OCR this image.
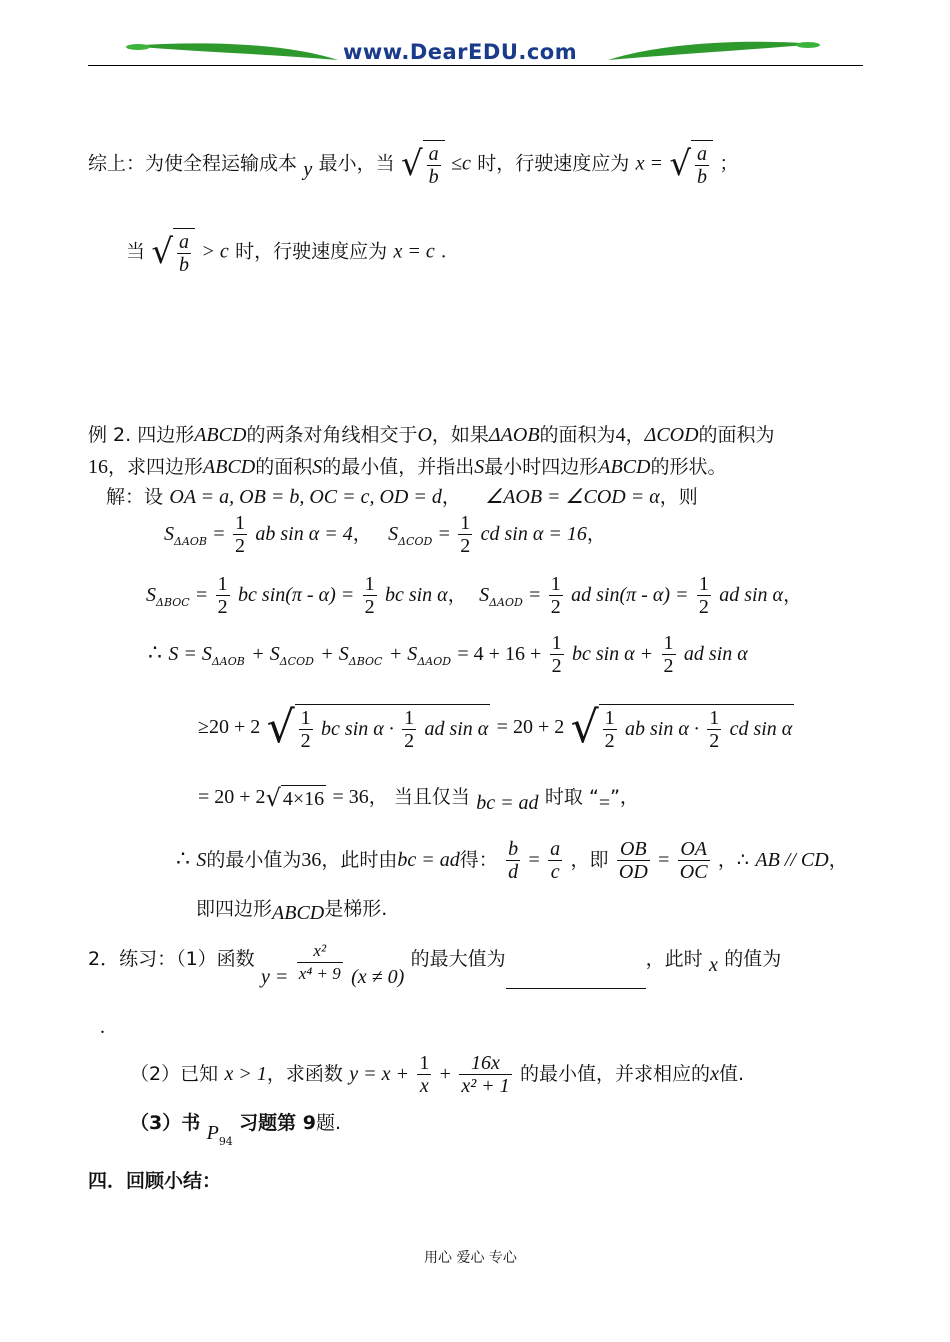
www.DearEDU.com
综上：为使全程运输成本 y 最小，当 √ $\frac{a}{b} \le c$ 时，行驶速度应为 x = √ $\frac{a}{b}$ ；
当 √ $\frac{a}{b} > c$ 时，行驶速度应为 x = c .
例 2. 四边形ABCD的两条对角线相交于O，如果ΔAOB的面积为4，ΔCOD的面积为
16，求四边形ABCD的面积S的最小值，并指出S最小时四边形ABCD的形状。
解：设 OA = a, OB = b, OC = c, OD = d， ∠AOB = ∠COD = α，则
$S_{\Delta AOB} = \frac{1}{2}$ ab sin α = 4， $S_{\Delta COD} = \frac{1}{2}$ cd sin α = 16，
$S_{\Delta BOC} = \frac{1}{2}$ bc $\sin(\pi - \alpha) = \frac{1}{2}$ bc sin α， $S_{\Delta AOD} = \frac{1}{2}$ ad $\sin(\pi - \alpha) = \frac{1}{2}$ ad sin α，
∴ $S = S_{\Delta AOB} + S_{\Delta COD} + S_{\Delta BOC} + S_{\Delta AOD} = 4 + 16 + \frac{1}{2}$ bc $\sin \alpha + \frac{1}{2}$ ad sin α
≥20 + 2 √ $\frac{1}{2}$ bc $\sin \alpha \cdot \frac{1}{2}$ ad sin α = 20 + 2 √ $\frac{1}{2}$ ab $\sin \alpha \cdot \frac{1}{2}$ cd sin α
= 20 + 2√ 4×16 = 36， 当且仅当 bc = ad 时取 “=”，
∴ S的最小值为36，此时由bc = ad得： $\frac{b}{d} = \frac{a}{c}$ ，即 $\frac{OB}{OD} = \frac{OA}{OC}$ ，∴ AB // CD，
即四边形ABCD是梯形.
2．练习：（1）函数 $y = \frac{\text{x²}}{\text{x⁴ + 9}} (x \ne 0)$ 的最大值为	，此时 x 的值为
.
（2）已知 x > 1，求函数 $y = x + \frac{1}{x} + \frac{16x}{\text{x² + 1}}$ 的最小值，并求相应的x值.
（3）书 $P_{94}$ 习题第 9题.
四．回顾小结：
用心 爱心 专心
